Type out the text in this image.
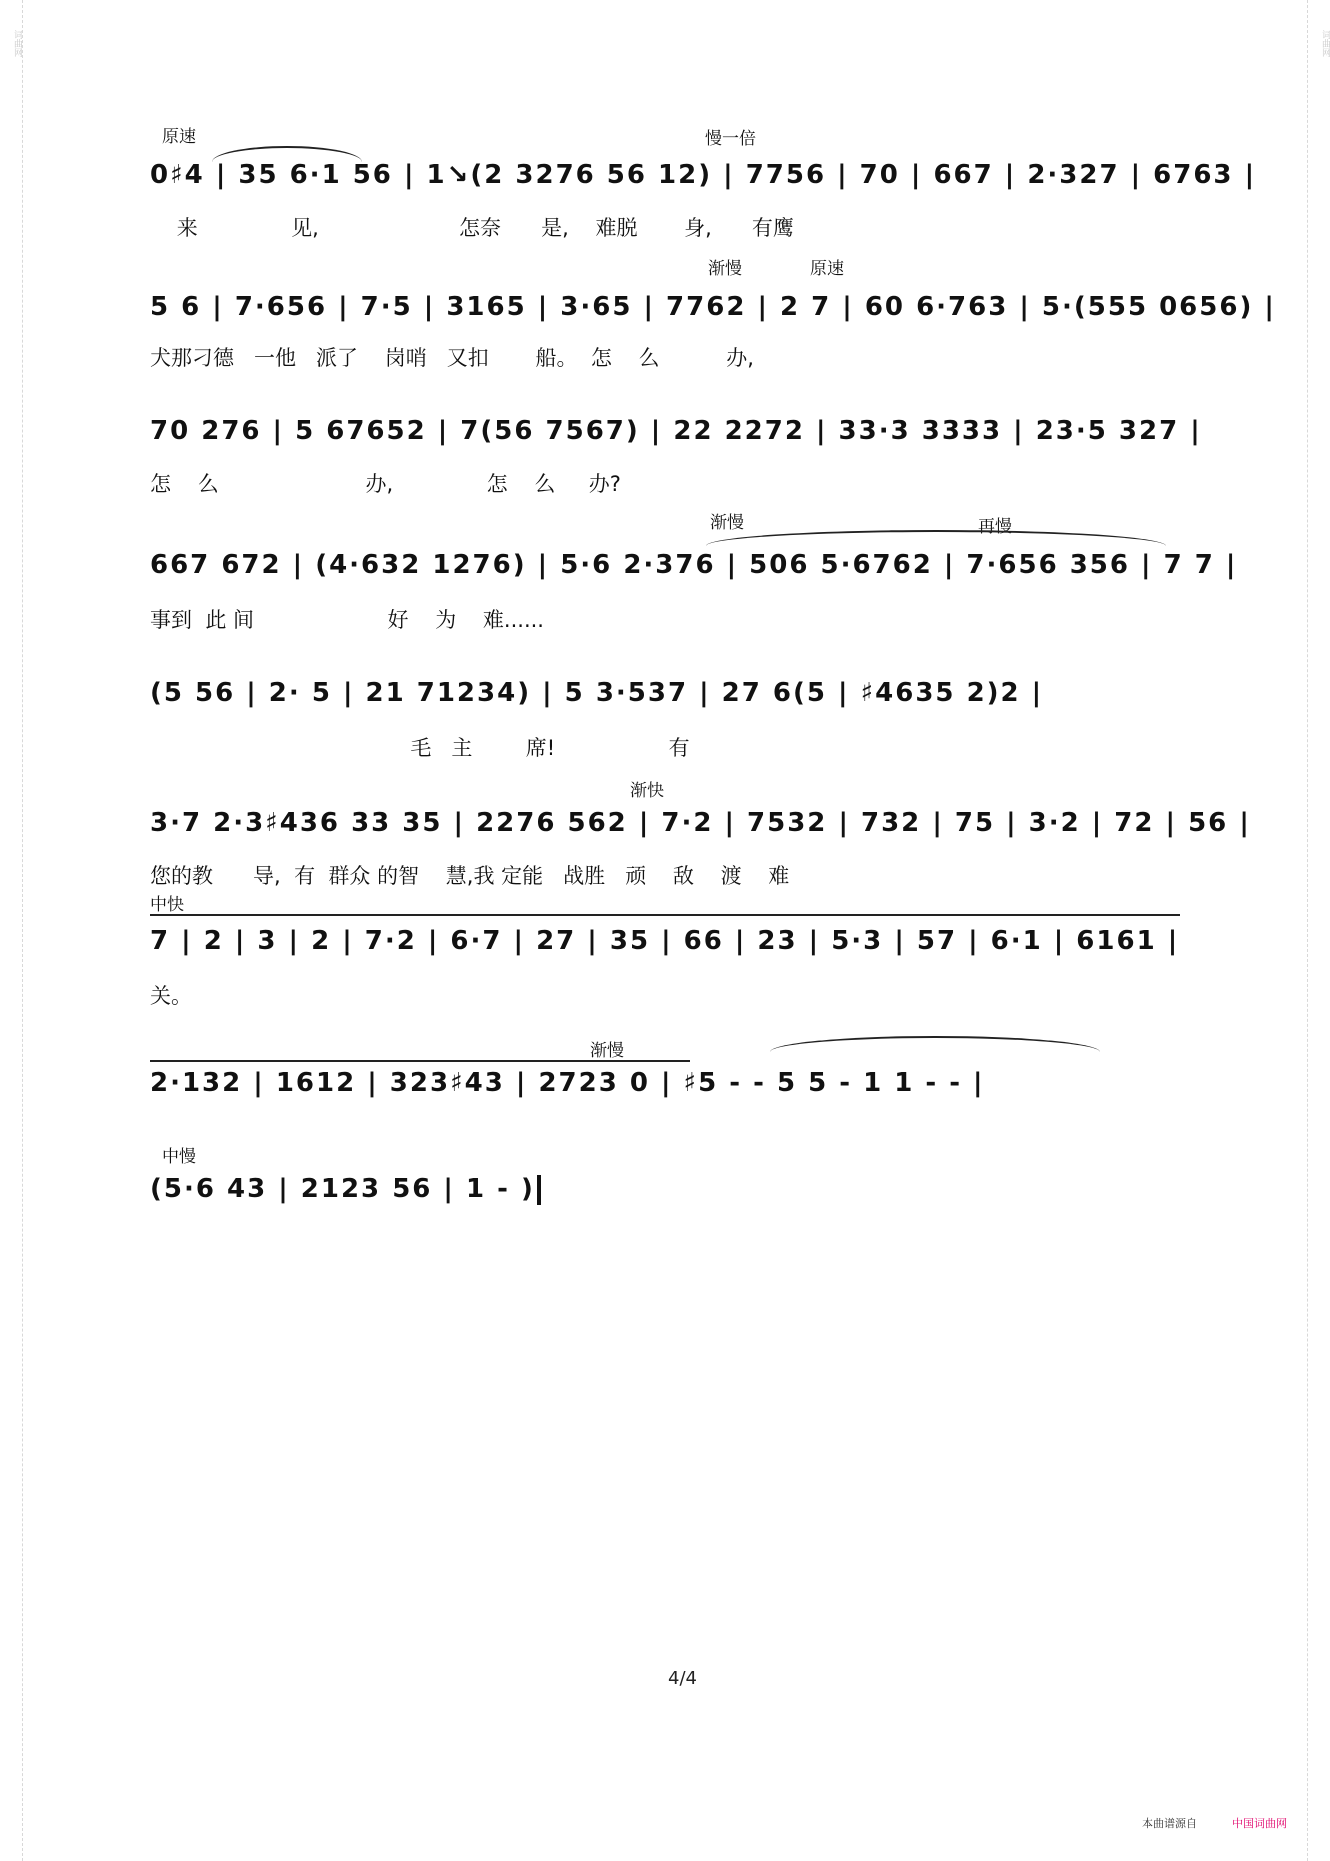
词曲网	词曲网
原速	慢一倍
0♯4 | 35 6·1 56 | 1↘(2 3276 56 12) | 7756 | 70 | 667 | 2·327 | 6763 |
来              见,                     怎奈      是,    难脱       身,      有鹰
渐慢	原速
5 6 | 7·656 | 7·5 | 3165 | 3·65 | 7762 | 2 7 | 60 6·763 | 5·(555 0656) |
犬那刁德   一他   派了    岗哨   又扣       船。  怎    么          办,
70 276 | 5 67652 | 7(56 7567) | 22 2272 | 33·3 3333 | 23·5 327 |
怎    么                      办,              怎    么     办?
渐慢	再慢
667 672 | (4·632 1276) | 5·6 2·376 | 506 5·6762 | 7·656 356 | 7 7 |
事到  此 间                    好    为    难......
(5 56 | 2· 5 | 21 71234) | 5 3·537 | 27 6(5 | ♯4635 2)2 |
毛   主        席!                 有
渐快
3·7 2·3♯436 33 35 | 2276 562 | 7·2 | 7532 | 732 | 75 | 3·2 | 72 | 56 |
您的教      导,  有  群众 的智    慧,我 定能   战胜   顽    敌    渡    难
中快
7 | 2 | 3 | 2 | 7·2 | 6·7 | 27 | 35 | 66 | 23 | 5·3 | 57 | 6·1 | 6161 |
关。
渐慢
2·132 | 1612 | 323♯43 | 2723 0 | ♯5 - - 5 5 - 1 1 - - |
中慢
(5·6 43 | 2123 56 | 1 - )
4/4
本曲谱源自	中国词曲网
